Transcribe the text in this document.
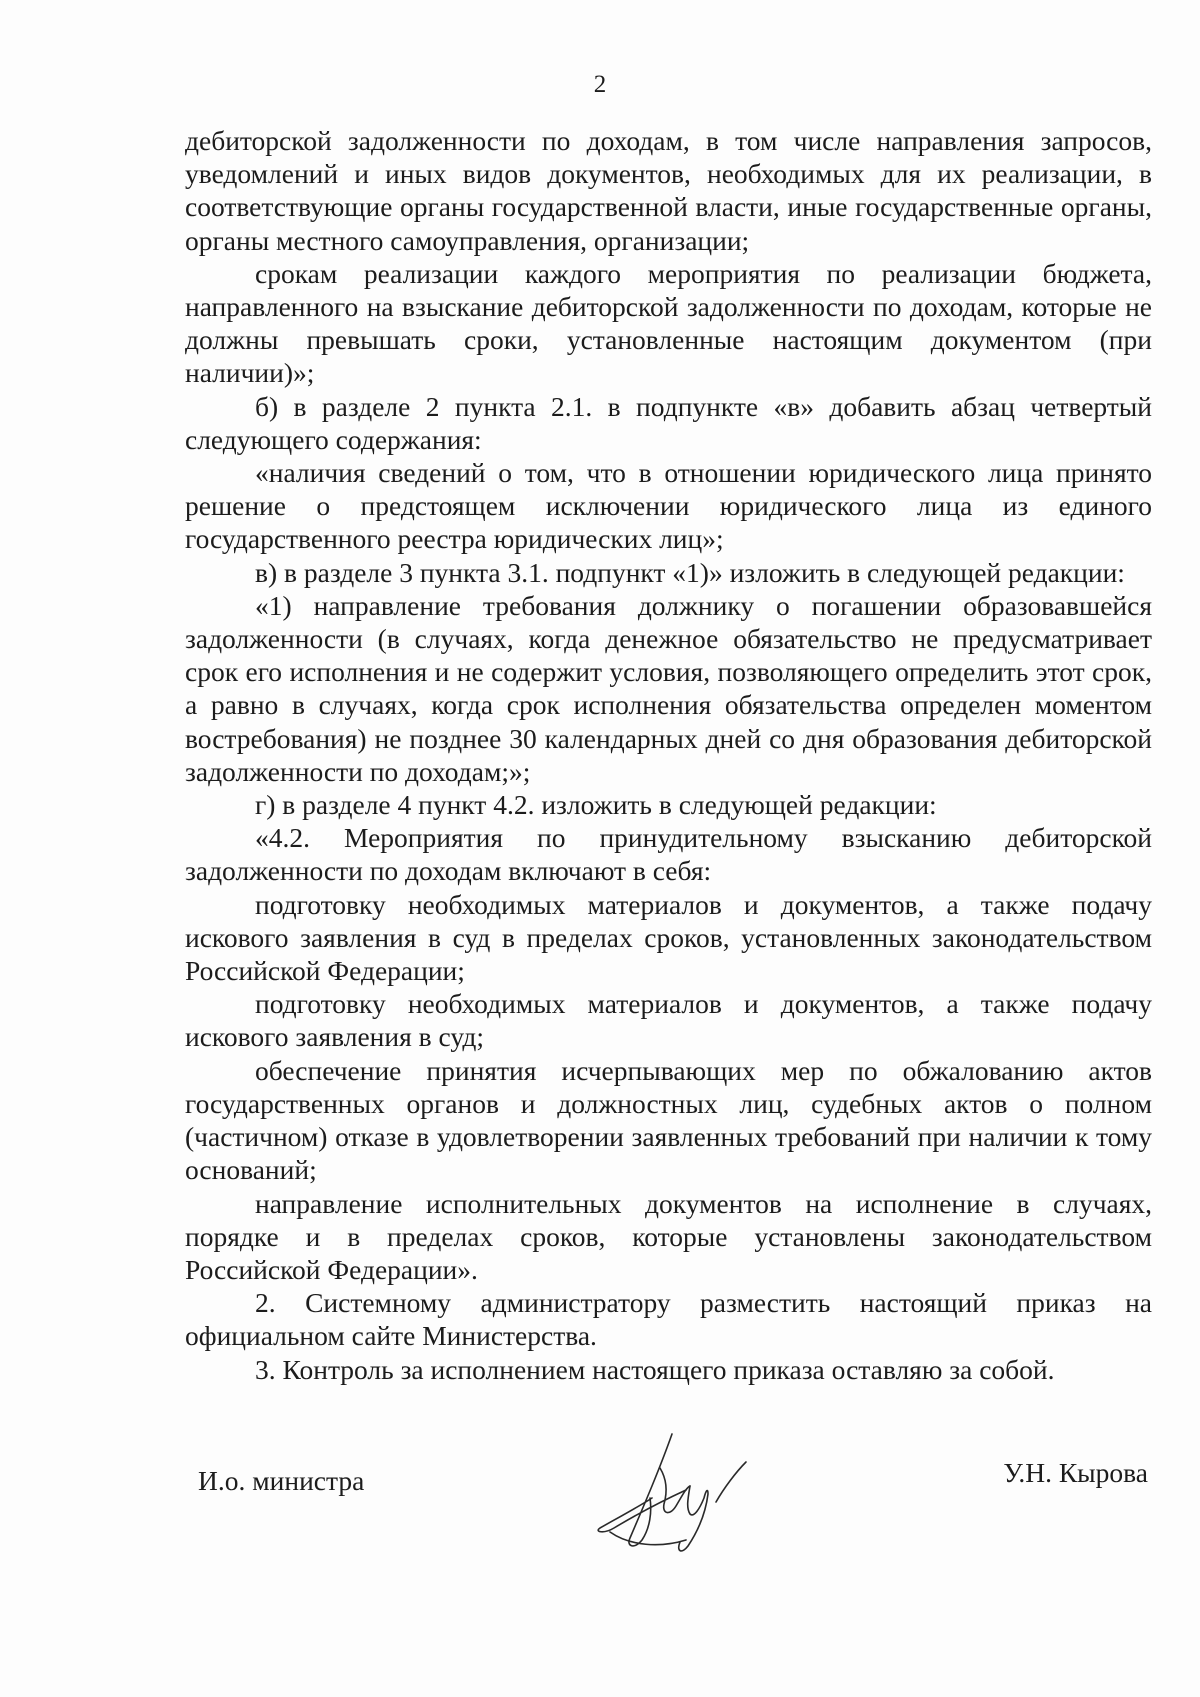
2

дебиторской задолженности по доходам, в том числе направления запросов, уведомлений и иных видов документов, необходимых для их реализации, в соответствующие органы государственной власти, иные государственные органы, органы местного самоуправления, организации;

срокам реализации каждого мероприятия по реализации бюджета, направленного на взыскание дебиторской задолженности по доходам, которые не должны превышать сроки, установленные настоящим документом (при наличии)»;

б) в разделе 2 пункта 2.1. в подпункте «в» добавить абзац четвертый следующего содержания:

«наличия сведений о том, что в отношении юридического лица принято решение о предстоящем исключении юридического лица из единого государственного реестра юридических лиц»;

в) в разделе 3 пункта 3.1. подпункт «1)» изложить в следующей редакции:

«1) направление требования должнику о погашении образовавшейся задолженности (в случаях, когда денежное обязательство не предусматривает срок его исполнения и не содержит условия, позволяющего определить этот срок, а равно в случаях, когда срок исполнения обязательства определен моментом востребования) не позднее 30 календарных дней со дня образования дебиторской задолженности по доходам;»;

г) в разделе 4 пункт 4.2. изложить в следующей редакции:

«4.2. Мероприятия по принудительному взысканию дебиторской задолженности по доходам включают в себя:

подготовку необходимых материалов и документов, а также подачу искового заявления в суд в пределах сроков, установленных законодательством Российской Федерации;

подготовку необходимых материалов и документов, а также подачу искового заявления в суд;

обеспечение принятия исчерпывающих мер по обжалованию актов государственных органов и должностных лиц, судебных актов о полном (частичном) отказе в удовлетворении заявленных требований при наличии к тому оснований;

направление исполнительных документов на исполнение в случаях, порядке и в пределах сроков, которые установлены законодательством Российской Федерации».

2. Системному администратору разместить настоящий приказ на официальном сайте Министерства.

3. Контроль за исполнением настоящего приказа оставляю за собой.

И.о. министра	У.Н. Кырова
